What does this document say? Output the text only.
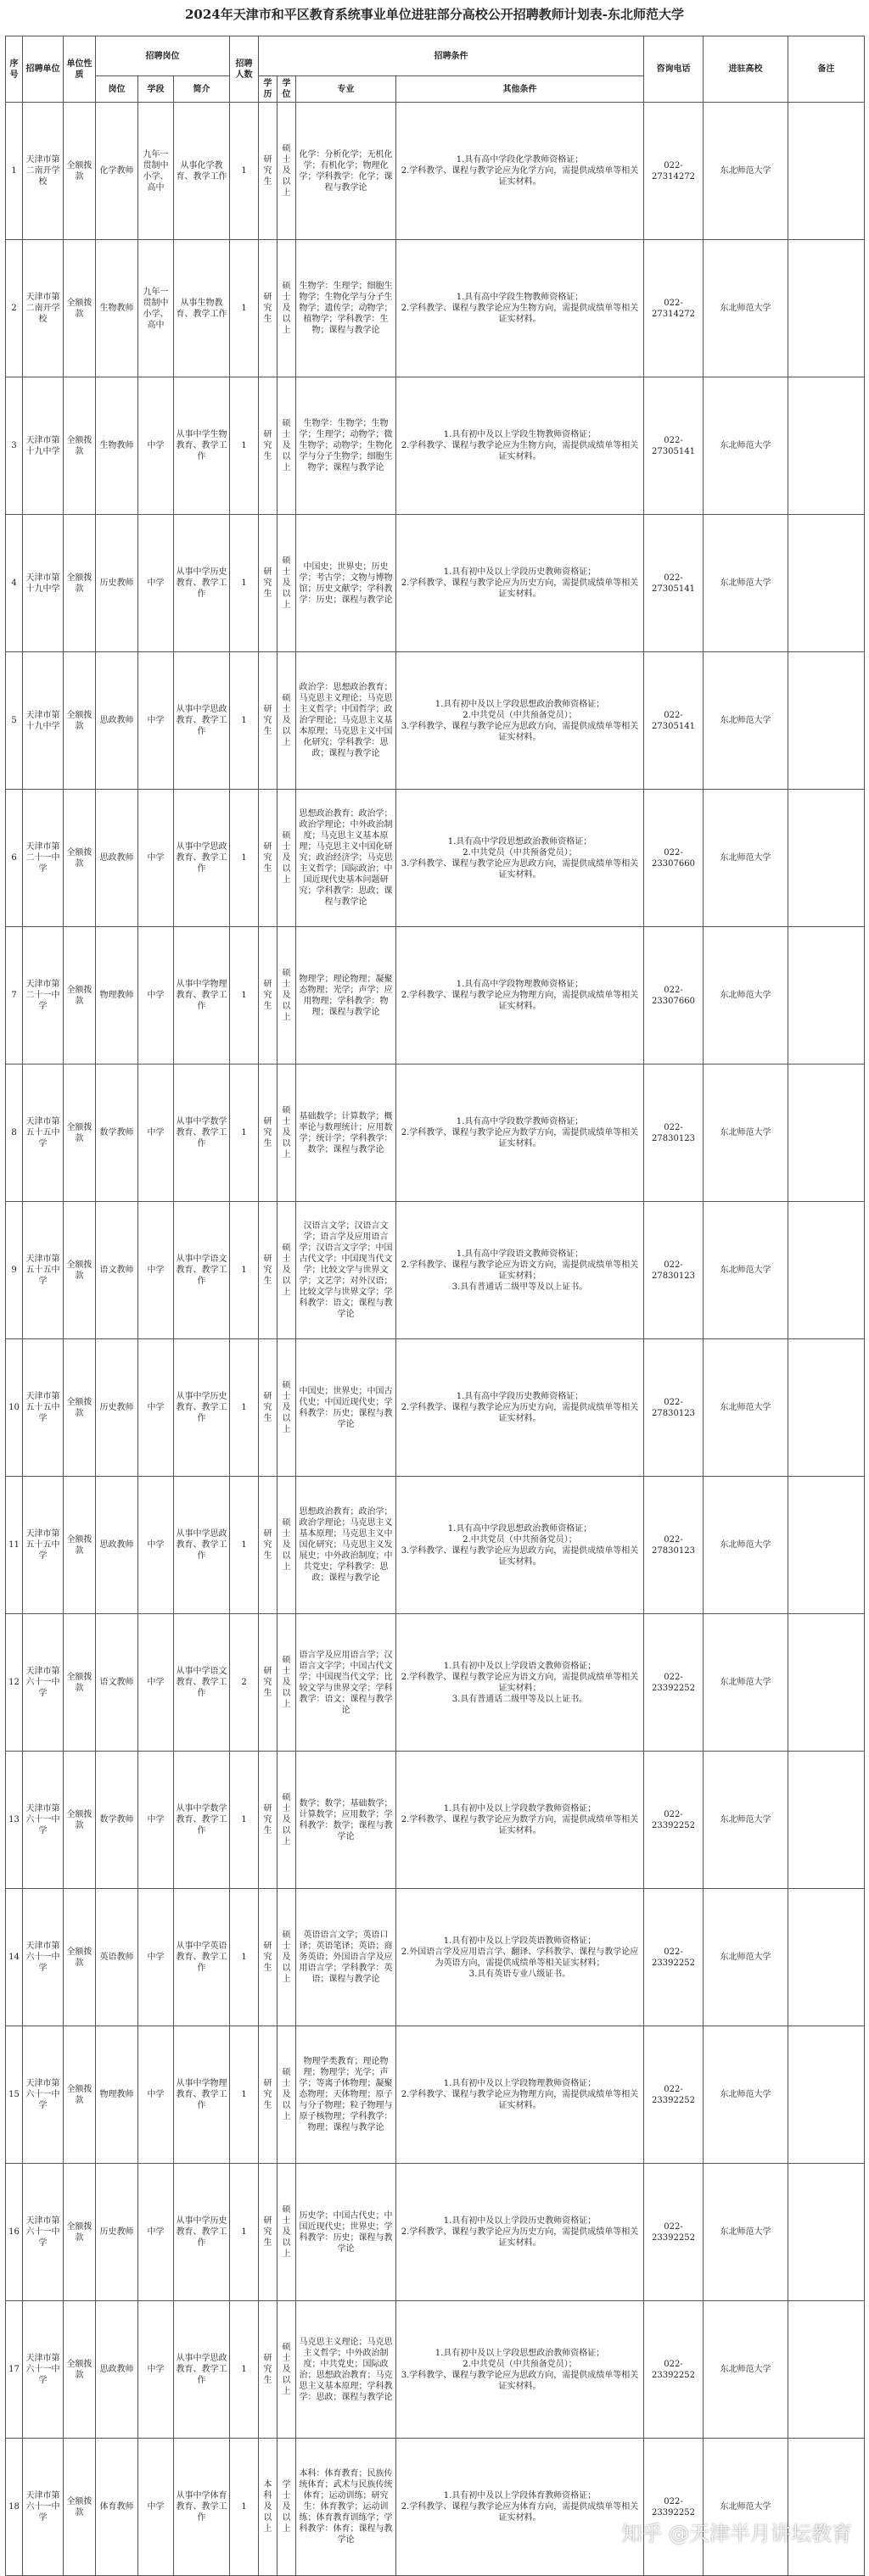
2024年天津市和平区教育系统事业单位进驻部分高校公开招聘教师计划表-东北师范大学
序号	招聘单位	单位性质	招聘岗位			招聘人数	招聘条件				咨询电话	进驻高校	备注
			岗位	学段	简介		学历	学位	专业	其他条件			
1	天津市第二南开学校	全额拨款	化学教师	九年一贯制中小学、高中	从事化学教育、教学工作	1	研究生	硕士及以上	化学：分析化学；无机化学；有机化学；物理化学；学科教学：化学；课程与教学论	1.具有高中学段化学教师资格证；
2.学科教学、课程与教学论应为化学方向，需提供成绩单等相关证实材料。	022-27314272	东北师范大学	
2	天津市第二南开学校	全额拨款	生物教师	九年一贯制中小学、高中	从事生物教育、教学工作	1	研究生	硕士及以上	生物学：生理学；细胞生物学；生物化学与分子生物学；遗传学；动物学；植物学；学科教学：生物；课程与教学论	1.具有高中学段生物教师资格证；
2.学科教学、课程与教学论应为生物方向，需提供成绩单等相关证实材料。	022-27314272	东北师范大学	
3	天津市第十九中学	全额拨款	生物教师	中学	从事中学生物教育、教学工作	1	研究生	硕士及以上	生物学：生物学；生物学；生理学；动物学；微生物学；动物学；生物化学与分子生物学；细胞生物学；课程与教学论	1.具有初中及以上学段生物教师资格证；
2.学科教学、课程与教学论应为生物方向，需提供成绩单等相关证实材料。	022-27305141	东北师范大学	
4	天津市第十九中学	全额拨款	历史教师	中学	从事中学历史教育、教学工作	1	研究生	硕士及以上	中国史；世界史；历史学；考古学；文物与博物馆；历史文献学；学科教学：历史；课程与教学论	1.具有初中及以上学段历史教师资格证；
2.学科教学、课程与教学论应为历史方向，需提供成绩单等相关证实材料。	022-27305141	东北师范大学	
5	天津市第十九中学	全额拨款	思政教师	中学	从事中学思政教育、教学工作	1	研究生	硕士及以上	政治学：思想政治教育；马克思主义理论；马克思主义哲学；中国哲学；政治学理论；马克思主义基本原理；马克思主义中国化研究；学科教学：思政；课程与教学论	1.具有初中及以上学段思想政治教师资格证；
2.中共党员（中共预备党员）；
3.学科教学、课程与教学论应为思政方向，需提供成绩单等相关证实材料。	022-27305141	东北师范大学	
6	天津市第二十一中学	全额拨款	思政教师	中学	从事中学思政教育、教学工作	1	研究生	硕士及以上	思想政治教育；政治学；政治学理论；中外政治制度；马克思主义基本原理；马克思主义中国化研究；政治经济学；马克思主义哲学；国际政治；中国近现代史基本问题研究；学科教学：思政；课程与教学论	1.具有高中学段思想政治教师资格证；
2.中共党员（中共预备党员）；
3.学科教学、课程与教学论应为思政方向，需提供成绩单等相关证实材料。	022-23307660	东北师范大学	
7	天津市第二十一中学	全额拨款	物理教师	中学	从事中学物理教育、教学工作	1	研究生	硕士及以上	物理学；理论物理；凝聚态物理；光学；声学；应用物理；学科教学：物理；课程与教学论	1.具有高中学段物理教师资格证；
2.学科教学、课程与教学论应为物理方向，需提供成绩单等相关证实材料。	022-23307660	东北师范大学	
8	天津市第五十五中学	全额拨款	数学教师	中学	从事中学数学教育、教学工作	1	研究生	硕士及以上	基础数学；计算数学；概率论与数理统计；应用数学；统计学；学科教学：数学；课程与教学论	1.具有高中学段数学教师资格证；
2.学科教学、课程与教学论应为数学方向，需提供成绩单等相关证实材料。	022-27830123	东北师范大学	
9	天津市第五十五中学	全额拨款	语文教师	中学	从事中学语文教育、教学工作	1	研究生	硕士及以上	汉语言文学；汉语言文学；语言学及应用语言学；汉语言文字学；中国古代文学；中国现当代文学；比较文学与世界文学；文艺学；对外汉语；比较文学与世界文学；学科教学：语文；课程与教学论	1.具有高中学段语文教师资格证；
2.学科教学、课程与教学论应为语文方向，需提供成绩单等相关证实材料；
3.具有普通话二级甲等及以上证书。	022-27830123	东北师范大学	
10	天津市第五十五中学	全额拨款	历史教师	中学	从事中学历史教育、教学工作	1	研究生	硕士及以上	中国史；世界史；中国古代史；中国近现代史；学科教学：历史；课程与教学论	1.具有高中学段历史教师资格证；
2.学科教学、课程与教学论应为历史方向，需提供成绩单等相关证实材料。	022-27830123	东北师范大学	
11	天津市第五十五中学	全额拨款	思政教师	中学	从事中学思政教育、教学工作	1	研究生	硕士及以上	思想政治教育；政治学；政治学理论；马克思主义基本原理；马克思主义中国化研究；马克思主义发展史；中外政治制度；中共党史；学科教学：思政；课程与教学论	1.具有高中学段思想政治教师资格证；
2.中共党员（中共预备党员）；
3.学科教学、课程与教学论应为思政方向，需提供成绩单等相关证实材料。	022-27830123	东北师范大学	
12	天津市第六十一中学	全额拨款	语文教师	中学	从事中学语文教育、教学工作	2	研究生	硕士及以上	语言学及应用语言学；汉语言文字学；中国古代文学；中国现当代文学；比较文学与世界文学；学科教学：语文；课程与教学论	1.具有初中及以上学段语文教师资格证；
2.学科教学、课程与教学论应为语文方向，需提供成绩单等相关证实材料；
3.具有普通话二级甲等及以上证书。	022-23392252	东北师范大学	
13	天津市第六十一中学	全额拨款	数学教师	中学	从事中学数学教育、教学工作	1	研究生	硕士及以上	数学；数学；基础数学；计算数学；应用数学；学科教学：数学；课程与教学论	1.具有初中及以上学段数学教师资格证；
2.学科教学、课程与教学论应为数学方向，需提供成绩单等相关证实材料。	022-23392252	东北师范大学	
14	天津市第六十一中学	全额拨款	英语教师	中学	从事中学英语教育、教学工作	1	研究生	硕士及以上	英语语言文学；英语口译；英语笔译；英语；商务英语；外国语言学及应用语言学；学科教学：英语；课程与教学论	1.具有初中及以上学段英语教师资格证；
2.外国语言学及应用语言学、翻译、学科教学、课程与教学论应为英语方向，需提供成绩单等相关证实材料；
3.具有英语专业八级证书。	022-23392252	东北师范大学	
15	天津市第六十一中学	全额拨款	物理教师	中学	从事中学物理教育、教学工作	1	研究生	硕士及以上	物理学类教育；理论物理；物理学；光学；声学；等离子体物理；凝聚态物理；天体物理；原子与分子物理；粒子物理与原子核物理；学科教学：物理；课程与教学论	1.具有初中及以上学段物理教师资格证；
2.学科教学、课程与教学论应为物理方向，需提供成绩单等相关证实材料。	022-23392252	东北师范大学	
16	天津市第六十一中学	全额拨款	历史教师	中学	从事中学历史教育、教学工作	1	研究生	硕士及以上	历史学；中国古代史；中国近现代史；世界史；学科教学：历史；课程与教学论	1.具有初中及以上学段历史教师资格证；
2.学科教学、课程与教学论应为历史方向，需提供成绩单等相关证实材料。	022-23392252	东北师范大学	
17	天津市第六十一中学	全额拨款	思政教师	中学	从事中学思政教育、教学工作	1	研究生	硕士及以上	马克思主义理论；马克思主义哲学；中外政治制度；中共党史；国际政治；思想政治教育；马克思主义基本原理；学科教学：思政；课程与教学论	1.具有初中及以上学段思想政治教师资格证；
2.中共党员（中共预备党员）；
3.学科教学、课程与教学论应为思政方向，需提供成绩单等相关证实材料。	022-23392252	东北师范大学	
18	天津市第六十一中学	全额拨款	体育教师	中学	从事中学体育教育、教学工作	1	本科及以上	学士及以上	本科：体育教育；民族传统体育；武术与民族传统体育；运动训练；研究生：体育教学；运动训练；体育教育训练学；学科教学：体育；课程与教学论	1.具有初中及以上学段体育教师资格证；
2.学科教学、课程与教学论应为体育方向，需提供成绩单等相关证实材料。	022-23392252	东北师范大学	
知乎 @天津半月讲坛教育
